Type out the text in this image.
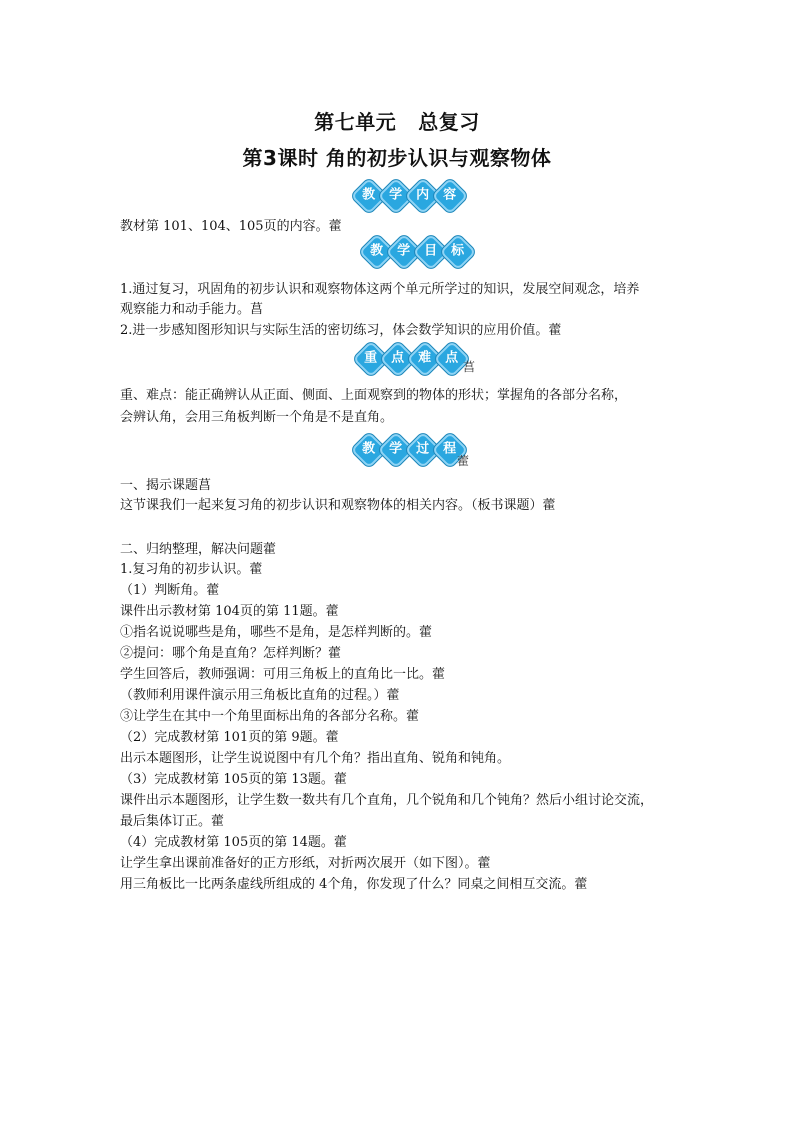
第七单元 总复习
第3课时 角的初步认识与观察物体
教	学	内	容
教材第 101、104、105页的内容。藿
教	学	目	标
1.通过复习，巩固角的初步认识和观察物体这两个单元所学过的知识，发展空间观念，培养
观察能力和动手能力。菖
2.进一步感知图形知识与实际生活的密切练习，体会数学知识的应用价值。藿
重	点	难	点
菖
重、难点：能正确辨认从正面、侧面、上面观察到的物体的形状；掌握角的各部分名称，
会辨认角，会用三角板判断一个角是不是直角。
教	学	过	程
藿
一、揭示课题菖
这节课我们一起来复习角的初步认识和观察物体的相关内容。（板书课题）藿
二、归纳整理，解决问题藿
1.复习角的初步认识。藿
（1）判断角。藿
课件出示教材第 104页的第 11题。藿
①指名说说哪些是角，哪些不是角，是怎样判断的。藿
②提问：哪个角是直角？怎样判断？藿
学生回答后，教师强调：可用三角板上的直角比一比。藿
（教师利用课件演示用三角板比直角的过程。）藿
③让学生在其中一个角里面标出角的各部分名称。藿
（2）完成教材第 101页的第 9题。藿
出示本题图形，让学生说说图中有几个角？指出直角、锐角和钝角。
（3）完成教材第 105页的第 13题。藿
课件出示本题图形，让学生数一数共有几个直角，几个锐角和几个钝角？然后小组讨论交流，
最后集体订正。藿
（4）完成教材第 105页的第 14题。藿
让学生拿出课前准备好的正方形纸，对折两次展开（如下图）。藿
用三角板比一比两条虚线所组成的 4个角，你发现了什么？同桌之间相互交流。藿
